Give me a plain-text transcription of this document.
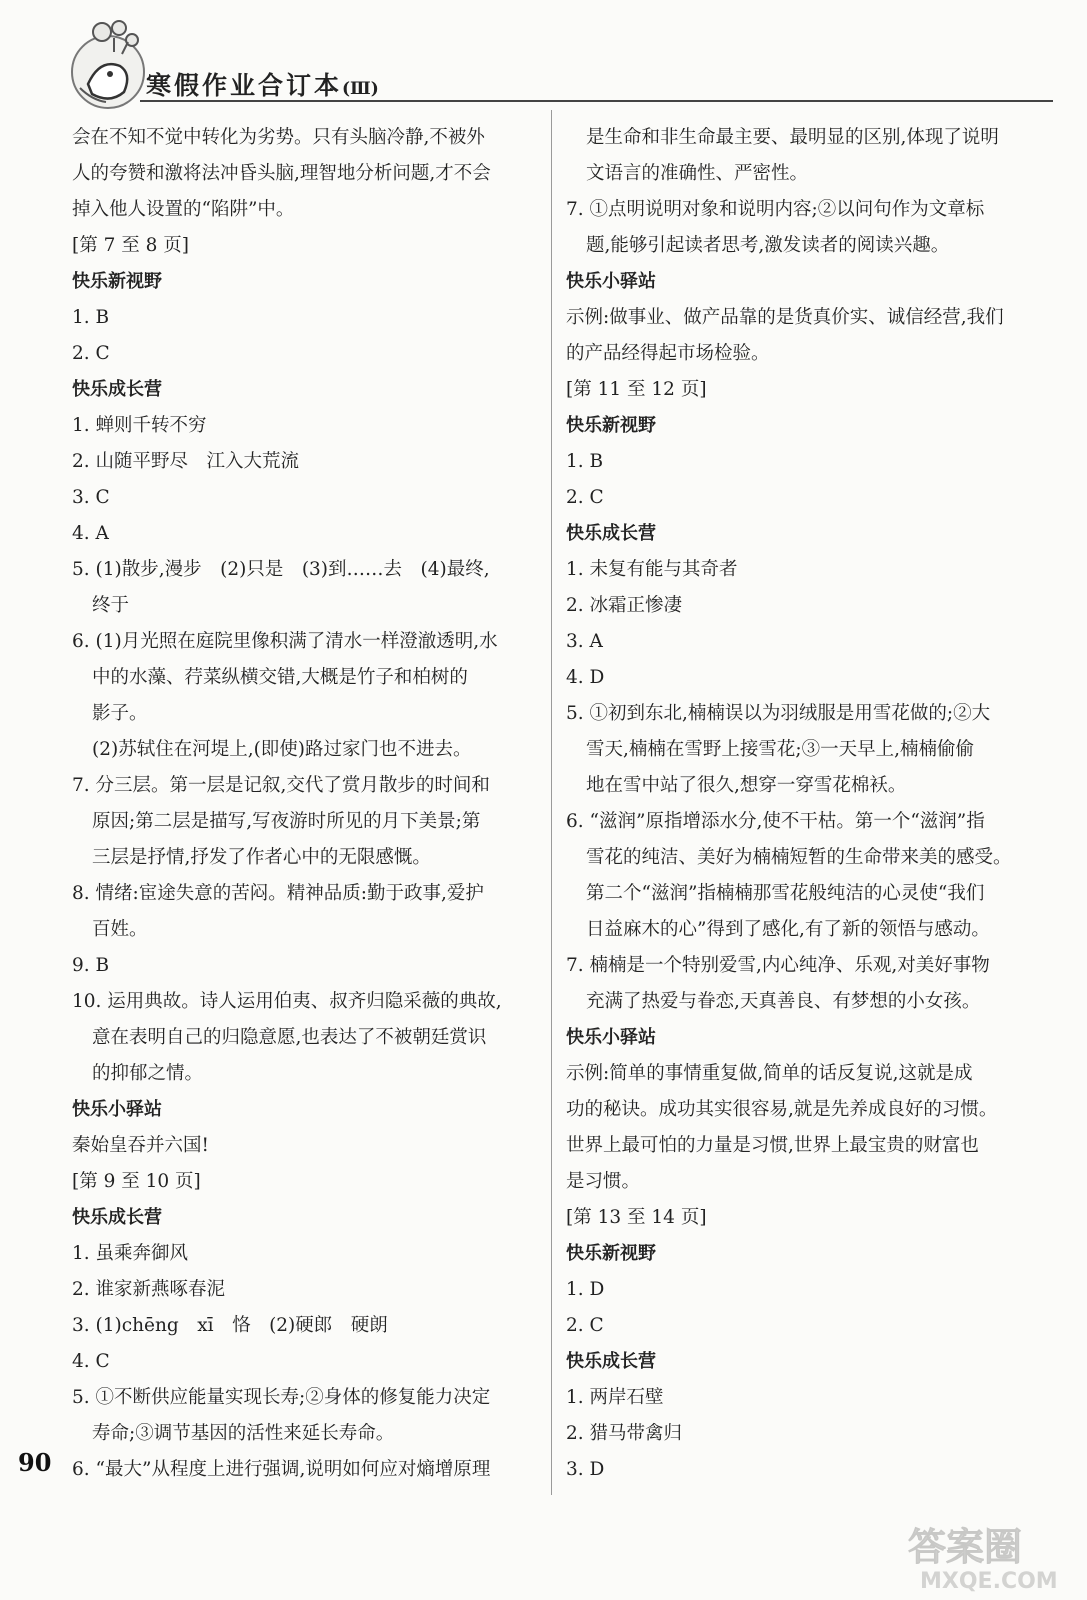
寒假作业合订本(Ⅲ)
会在不知不觉中转化为劣势。只有头脑冷静,不被外
人的夸赞和激将法冲昏头脑,理智地分析问题,才不会
掉入他人设置的“陷阱”中。
[第 7 至 8 页]
快乐新视野
1. B
2. C
快乐成长营
1. 蝉则千转不穷
2. 山随平野尽　江入大荒流
3. C
4. A
5. (1)散步,漫步　(2)只是　(3)到……去　(4)最终,
终于
6. (1)月光照在庭院里像积满了清水一样澄澈透明,水
中的水藻、荇菜纵横交错,大概是竹子和柏树的
影子。
(2)苏轼住在河堤上,(即使)路过家门也不进去。
7. 分三层。第一层是记叙,交代了赏月散步的时间和
原因;第二层是描写,写夜游时所见的月下美景;第
三层是抒情,抒发了作者心中的无限感慨。
8. 情绪:宦途失意的苦闷。精神品质:勤于政事,爱护
百姓。
9. B
10. 运用典故。诗人运用伯夷、叔齐归隐采薇的典故,
意在表明自己的归隐意愿,也表达了不被朝廷赏识
的抑郁之情。
快乐小驿站
秦始皇吞并六国!
[第 9 至 10 页]
快乐成长营
1. 虽乘奔御风
2. 谁家新燕啄春泥
3. (1)chēng　xī　恪　(2)硬郎　硬朗
4. C
5. ①不断供应能量实现长寿;②身体的修复能力决定
寿命;③调节基因的活性来延长寿命。
6. “最大”从程度上进行强调,说明如何应对熵增原理
是生命和非生命最主要、最明显的区别,体现了说明
文语言的准确性、严密性。
7. ①点明说明对象和说明内容;②以问句作为文章标
题,能够引起读者思考,激发读者的阅读兴趣。
快乐小驿站
示例:做事业、做产品靠的是货真价实、诚信经营,我们
的产品经得起市场检验。
[第 11 至 12 页]
快乐新视野
1. B
2. C
快乐成长营
1. 未复有能与其奇者
2. 冰霜正惨凄
3. A
4. D
5. ①初到东北,楠楠误以为羽绒服是用雪花做的;②大
雪天,楠楠在雪野上接雪花;③一天早上,楠楠偷偷
地在雪中站了很久,想穿一穿雪花棉袄。
6. “滋润”原指增添水分,使不干枯。第一个“滋润”指
雪花的纯洁、美好为楠楠短暂的生命带来美的感受。
第二个“滋润”指楠楠那雪花般纯洁的心灵使“我们
日益麻木的心”得到了感化,有了新的领悟与感动。
7. 楠楠是一个特别爱雪,内心纯净、乐观,对美好事物
充满了热爱与眷恋,天真善良、有梦想的小女孩。
快乐小驿站
示例:简单的事情重复做,简单的话反复说,这就是成
功的秘诀。成功其实很容易,就是先养成良好的习惯。
世界上最可怕的力量是习惯,世界上最宝贵的财富也
是习惯。
[第 13 至 14 页]
快乐新视野
1. D
2. C
快乐成长营
1. 两岸石壁
2. 猎马带禽归
3. D
90
答案圈
MXQE.COM
